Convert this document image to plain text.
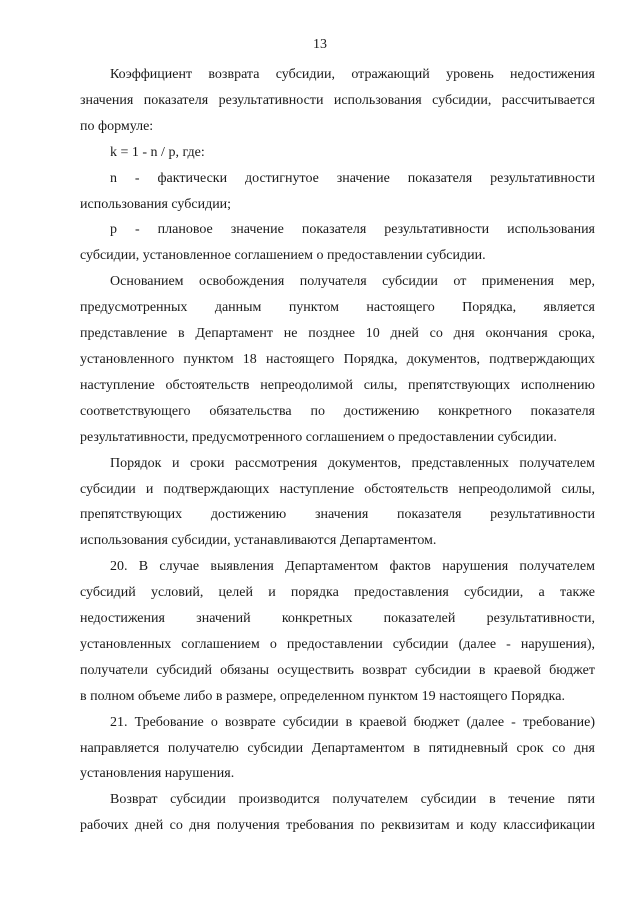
13
Коэффициент возврата субсидии, отражающий уровень недостижения
значения показателя результативности использования субсидии, рассчитывается
по формуле:
k = 1 - n / p, где:
n - фактически достигнутое значение показателя результативности
использования субсидии;
p - плановое значение показателя результативности использования
субсидии, установленное соглашением о предоставлении субсидии.
Основанием освобождения получателя субсидии от применения мер,
предусмотренных данным пунктом настоящего Порядка, является
представление в Департамент не позднее 10 дней со дня окончания срока,
установленного пунктом 18 настоящего Порядка, документов, подтверждающих
наступление обстоятельств непреодолимой силы, препятствующих исполнению
соответствующего обязательства по достижению конкретного показателя
результативности, предусмотренного соглашением о предоставлении субсидии.
Порядок и сроки рассмотрения документов, представленных получателем
субсидии и подтверждающих наступление обстоятельств непреодолимой силы,
препятствующих достижению значения показателя результативности
использования субсидии, устанавливаются Департаментом.
20. В случае выявления Департаментом фактов нарушения получателем
субсидий условий, целей и порядка предоставления субсидии, а также
недостижения значений конкретных показателей результативности,
установленных соглашением о предоставлении субсидии (далее - нарушения),
получатели субсидий обязаны осуществить возврат субсидии в краевой бюджет
в полном объеме либо в размере, определенном пунктом 19 настоящего Порядка.
21. Требование о возврате субсидии в краевой бюджет (далее - требование)
направляется получателю субсидии Департаментом в пятидневный срок со дня
установления нарушения.
Возврат субсидии производится получателем субсидии в течение пяти
рабочих дней со дня получения требования по реквизитам и коду классификации
